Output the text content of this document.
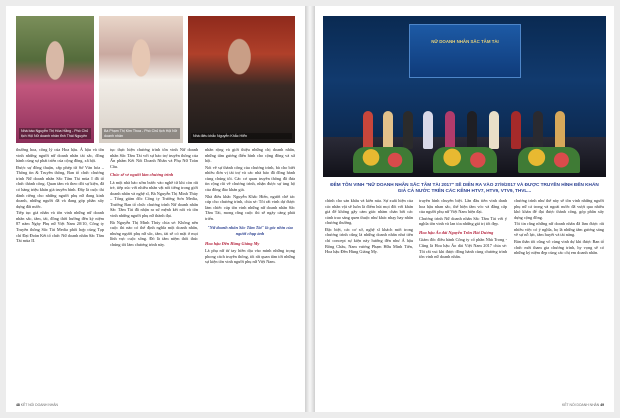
Nhà báo Nguyễn Thị Hòa Hằng - Phó Chủ tịch Hội Nữ doanh nhân tỉnh Thái Nguyên
Bà Phạm Thị Kim Thoa - Phó Chủ tịch Hội Nữ doanh nhân	Nhà điêu khắc Nguyễn Khắc Hiển

thường hoa, công lý của Hoa hậu. Á hậu và tôn vinh những người nữ doanh nhân tài sắc, đồng hành cùng sự phát triển của cộng đồng, xã hội.

Được sự đồng thuận, cấp phép từ Sở Văn hóa – Thông tin & Truyền thông, Ban tổ chức chương trình Nữ doanh nhân Sắc Tâm Tài mùa I đã tổ chức thành công. Quan tâm và theo dõi sự kiện, đã có hàng triệu khán giả truyền hình. Đây là cuộc thi dành riêng cho những người phụ nữ đang kinh doanh, những người đã và đang góp phần xây dựng đất nước.

Tiếp tục giá nhân và tôn vinh những nữ doanh nhân sắc, tâm, tài, đồng thời hưởng đến kỷ niệm 87 năm Ngày Phụ nữ Việt Nam 20/10, Công ty Truyền thông Sắc Tài Media phối hợp cùng Tạp chí Đại Đoàn Kết tổ chức Nữ doanh nhân Sắc Tâm Tài mùa II.

tục thực hiện chương trình tôn vinh Nữ doanh nhân Sắc Tâm Tài với sự bảo trợ truyền thông của Ấn phẩm Kết Nối Doanh Nhân và Phụ Nữ Toàn Cầu.

Chúc sẽ vẻ người làm chương trình

Là một nhà báo sớm bước vào nghề từ khi còn rất trẻ, tiếp xúc với nhiều nhân vật nổi tiếng trong giới doanh nhân và nghệ sĩ, Bà Nguyễn Thị Minh Thủy – Tổng giám đốc Công ty Trường Sơn Media, Trưởng Ban tổ chức chương trình Nữ doanh nhân Sắc Tâm Tài đã nhận ra sứ mệnh kết nối và tôn vinh những người phụ nữ thành đạt.

Bà Nguyễn Thị Minh Thủy chia sẻ: Không nên cuộc thi nào có thể định nghĩa một doanh nhân, nhưng người phụ nữ sắc, tâm, tài sẽ có mặt ở mọi lĩnh vực cuộc sống. Đó là tâm niệm thôi thúc chúng tôi làm chương trình này.

nhân rộng và giới thiệu những chị doanh nhân, những tấm gương điển hình cho cộng đồng và xã hội.

Nói về sự thành công của chương trình, bà cho biết nhiều đơn vị tài trợ và các nhà báo đã đồng hành cùng chúng tôi. Các cơ quan truyền thông đã đưa tin rộng rãi về chương trình, nhận được sự ủng hộ của đông đảo khán giả.

Nhà điêu khắc Nguyễn Khắc Hiển, người chế tác cúp cho chương trình, chia sẻ: Tôi rất vinh dự được làm chiếc cúp tôn vinh những nữ doanh nhân Sắc Tâm Tài, mong rằng cuộc thi sẽ ngày càng phát triển.

"Nữ doanh nhân Sắc Tâm Tài" là góc nhìn của người chụp ảnh

Hoa hậu Đền Hùng Giáng My

Là phụ nữ từ tay hiền dịu vào mình những trọng phong cách truyền thống, tôi rất quan tâm tới những sự kiện tôn vinh người phụ nữ Việt Nam.

48 KẾT NỐI DOANH NHÂN
NỮ DOANH NHÂN SẮC TÂM TÀI
ĐÊM TÔN VINH "NỮ DOANH NHÂN SẮC TÂM TÀI 2017" SẼ DIỄN RA VÀO 27/9/2017 VÀ ĐƯỢC TRUYỀN HÌNH ĐẾN KHÁN GIẢ CẢ NƯỚC TRÊN CÁC KÊNH HTV7, HTV9, VTV9, THVL...

chính cho sản khấu và kiến núa. Sự xuất hiện của các nhân vật sẽ luôn là điểm hút mọi đôi với khán giả để không gây cảm giác nhàm chán bởi các cảnh trao sáng quen thuộc như khác nhạy hay nhân chương thường.

Đặc biệt, các cơ sở, nghệ sĩ khách mời trong chương trình cũng là những doanh nhân như tiên chí concept sự kiện này hướng đến như Á hậu Bông Châu, Nam vương Phạm Hữu Minh Tiến, Hoa hậu Đền Hùng Giáng My.

truyền hình chuyên biệt. Lần đầu tiên vinh danh hoa hậu nhan sắc, thể hiện tầm vóc và đẳng cấp của người phụ nữ Việt Nam hiện đại.

Chương trình Nữ doanh nhân Sắc Tâm Tài với ý nghĩa tôn vinh và lan tỏa những giá trị tốt đẹp.

Hoa hậu Áo dài Nguyễn Trần Hải Dương

Giám đốc điều hành Công ty cổ phần Nhà Trong - Cũng là Hoa hậu Áo dài Việt Nam 2017 chia sẻ: Tôi rất vui khi được đồng hành cùng chương trình tôn vinh nữ doanh nhân.

chương trình như thế này sẽ tôn vinh những người phụ nữ cả trong và ngoài nước đã vượt qua nhiều khó khăn để đạt được thành công, góp phần xây dựng cộng đồng.

Tôi tin rằng những nữ doanh nhân đã làm được rất nhiều việc có ý nghĩa, họ là những tấm gương sáng về sự nỗ lực, tâm huyết và tài năng.

Bản thân tôi cũng vô cùng vinh dự khi được Ban tổ chức mời tham gia chương trình, hy vọng sẽ có những kỷ niệm đẹp cùng các chị em doanh nhân.

KẾT NỐI DOANH NHÂN 49
